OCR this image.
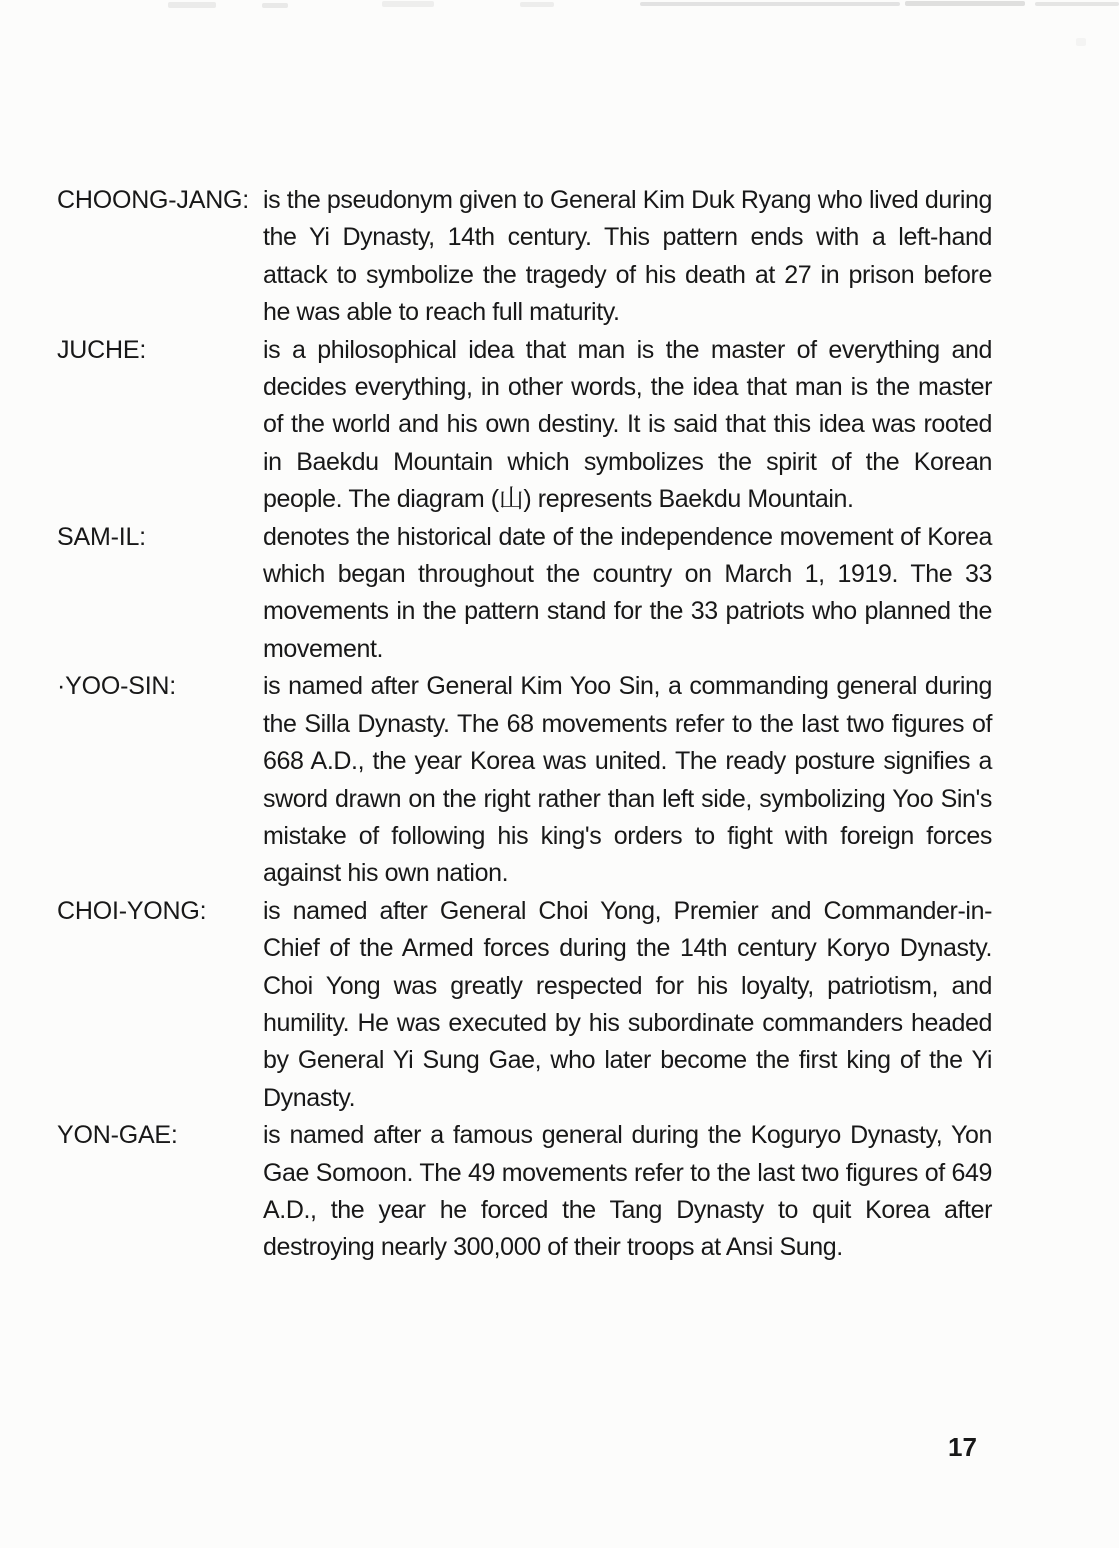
CHOONG-JANG: is the pseudonym given to General Kim Duk Ryang who lived during the Yi Dynasty, 14th century. This pattern ends with a left-hand attack to symbolize the tragedy of his death at 27 in prison before he was able to reach full maturity.
JUCHE:	is a philosophical idea that man is the master of everything and decides everything, in other words, the idea that man is the master of the world and his own destiny. It is said that this idea was rooted in Baekdu Mountain which symbolizes the spirit of the Korean people. The diagram (山) represents Baekdu Mountain.
SAM-IL:	denotes the historical date of the independence movement of Korea which began throughout the country on March 1, 1919. The 33 movements in the pattern stand for the 33 patriots who planned the movement.
·YOO-SIN:	is named after General Kim Yoo Sin, a commanding general during the Silla Dynasty. The 68 movements refer to the last two figures of 668 A.D., the year Korea was united. The ready posture signifies a sword drawn on the right rather than left side, symbolizing Yoo Sin's mistake of following his king's orders to fight with foreign forces against his own nation.
CHOI-YONG:	is named after General Choi Yong, Premier and Commander-in-Chief of the Armed forces during the 14th century Koryo Dynasty. Choi Yong was greatly respected for his loyalty, patriotism, and humility. He was executed by his subordinate commanders headed by General Yi Sung Gae, who later become the first king of the Yi Dynasty.
YON-GAE:	is named after a famous general during the Koguryo Dynasty, Yon Gae Somoon. The 49 movements refer to the last two figures of 649 A.D., the year he forced the Tang Dynasty to quit Korea after destroying nearly 300,000 of their troops at Ansi Sung.
17
